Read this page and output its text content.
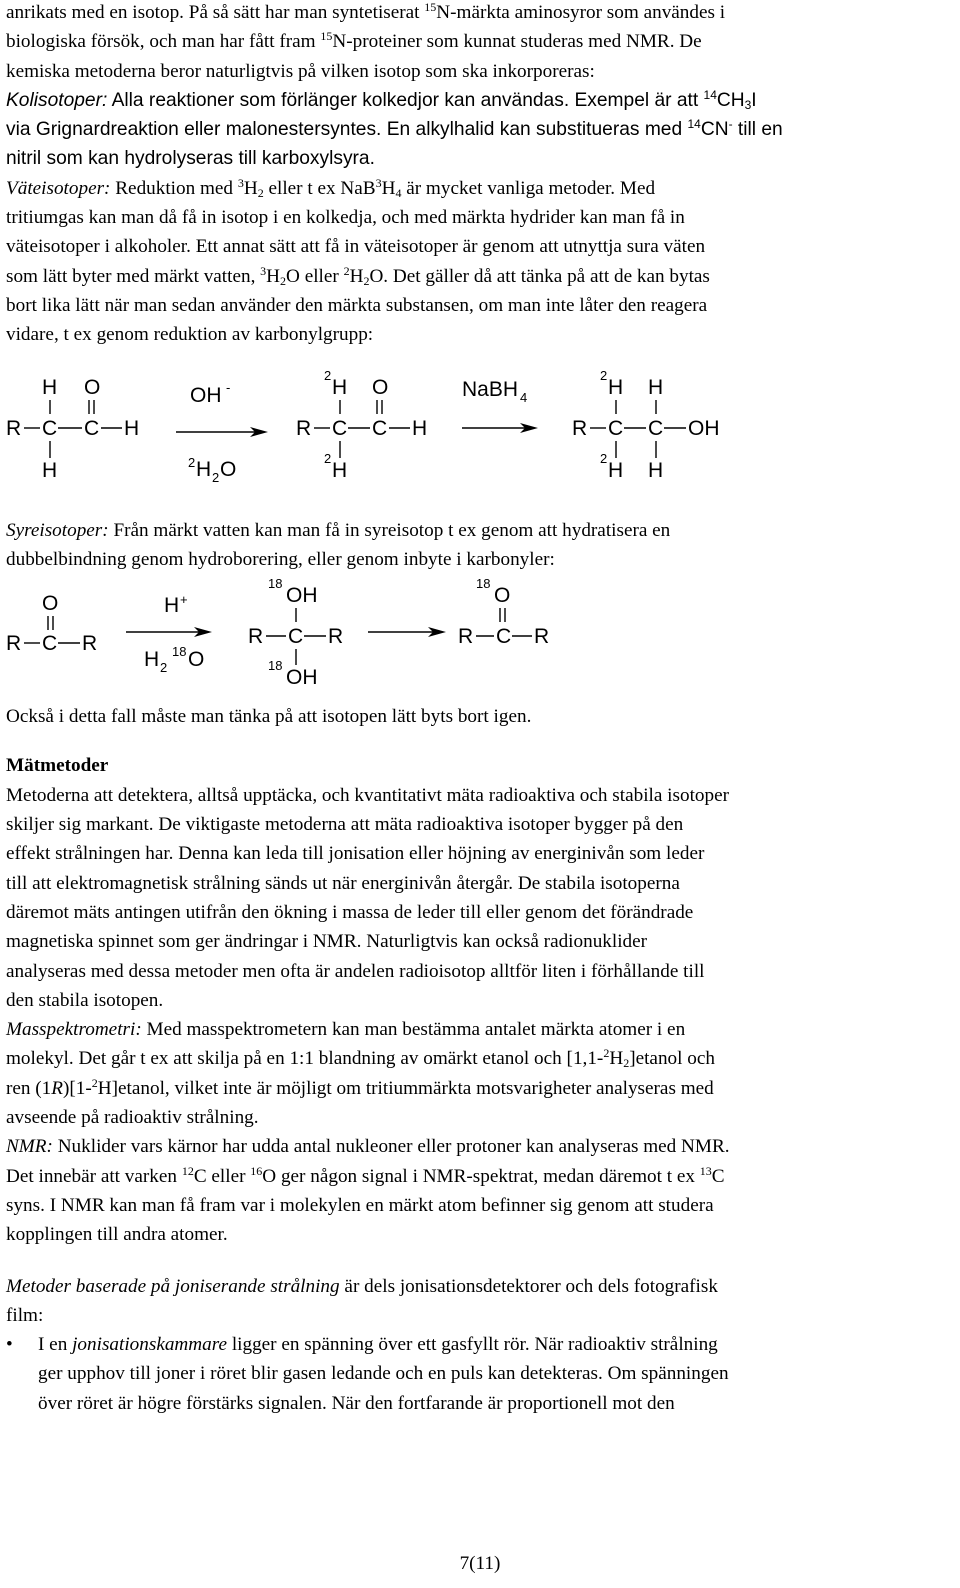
anrikats med en isotop. På så sätt har man syntetiserat $^{15}$N-märkta aminosyror som användes i

biologiska försök, och man har fått fram $^{15}$N-proteiner som kunnat studeras med NMR. De

kemiska metoderna beror naturligtvis på vilken isotop som ska inkorporeras:

Kolisotoper: Alla reaktioner som förlänger kolkedjor kan användas. Exempel är att $^{14}CH_3I$

via Grignardreaktion eller malonestersyntes. En alkylhalid kan substitueras med $^{14}$CN- till en

nitril som kan hydrolyseras till karboxylsyra.

Väteisotoper: Reduktion med $^3H_2$ eller t ex $NaB^3H_4$ är mycket vanliga metoder. Med

tritiumgas kan man då få in isotop i en kolkedja, och med märkta hydrider kan man få in

väteisotoper i alkoholer. Ett annat sätt att få in väteisotoper är genom att utnyttja sura väten

som lätt byter med märkt vatten, $^3H_2O$ eller $^2H_2O$. Det gäller då att tänka på att de kan bytas

bort lika lätt när man sedan använder den märkta substansen, om man inte låter den reagera

vidare, t ex genom reduktion av karbonylgrupp:

H O
R C C H
H
OH -
2 H 2 O
2
H O
R C C H
2
H
NaBH 4
2
H H
R C C OH
2
H H

Syreisotoper: Från märkt vatten kan man få in syreisotop t ex genom att hydratisera en

dubbelbindning genom hydroborering, eller genom inbyte i karbonyler:

O
R C R
H +
H 2
18 O
18
OH
R C R
18
OH
18
O
R C R

Också i detta fall måste man tänka på att isotopen lätt byts bort igen.

Mätmetoder

Metoderna att detektera, alltså upptäcka, och kvantitativt mäta radioaktiva och stabila isotoper

skiljer sig markant. De viktigaste metoderna att mäta radioaktiva isotoper bygger på den

effekt strålningen har. Denna kan leda till jonisation eller höjning av energinivån som leder

till att elektromagnetisk strålning sänds ut när energinivån återgår. De stabila isotoperna

däremot mäts antingen utifrån den ökning i massa de leder till eller genom det förändrade

magnetiska spinnet som ger ändringar i NMR. Naturligtvis kan också radionuklider

analyseras med dessa metoder men ofta är andelen radioisotop alltför liten i förhållande till

den stabila isotopen.

Masspektrometri: Med masspektrometern kan man bestämma antalet märkta atomer i en

molekyl. Det går t ex att skilja på en 1:1 blandning av omärkt etanol och $[1,1-^2H_2]etanol$ och

ren (1R)[1-$^2$H]etanol, vilket inte är möjligt om tritiummärkta motsvarigheter analyseras med

avseende på radioaktiv strålning.

NMR: Nuklider vars kärnor har udda antal nukleoner eller protoner kan analyseras med NMR.

Det innebär att varken $^{12}$C eller $^{16}$O ger någon signal i NMR-spektrat, medan däremot t ex $^{13}$C

syns. I NMR kan man få fram var i molekylen en märkt atom befinner sig genom att studera

kopplingen till andra atomer.

Metoder baserade på joniserande strålning är dels jonisationsdetektorer och dels fotografisk

film:

•	I en jonisationskammare ligger en spänning över ett gasfyllt rör. När radioaktiv strålning

ger upphov till joner i röret blir gasen ledande och en puls kan detekteras. Om spänningen

över röret är högre förstärks signalen. När den fortfarande är proportionell mot den

7(11)
